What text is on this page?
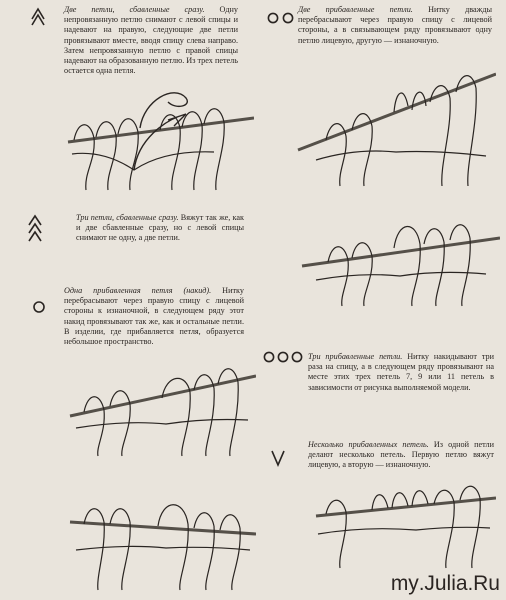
Две петли, сбавленные сразу. Одну непровязанную петлю снимают с левой спицы и надевают на правую, следующие две петли провязывают вместе, вводя спицу слева направо. Затем непровязанную петлю с правой спицы надевают на образованную петлю. Из трех петель остается одна петля.

Две прибавленные петли. Нитку дважды перебрасывают через правую спицу с лицевой стороны, а в связывающем ряду провязывают одну петлю лицевую, другую — изнаночную.

Три петли, сбавленные сразу. Вяжут так же, как и две сбавленные сразу, но с левой спицы снимают не одну, а две петли.

Одна прибавленная петля (накид). Нитку перебрасывают через правую спицу с лицевой стороны к изнаночной, в следующем ряду этот накид провязывают так же, как и остальные петли. В изделии, где прибавляется петля, образуется небольшое пространство.

Три прибавленные петли. Нитку накидывают три раза на спицу, а в следующем ряду провязывают на месте этих трех петель 7, 9 или 11 петель в зависимости от рисунка выполняемой модели.

Несколько прибавленных петель. Из одной петли делают несколько петель. Первую петлю вяжут лицевую, а вторую — изнаночную.

my.Julia.Ru
